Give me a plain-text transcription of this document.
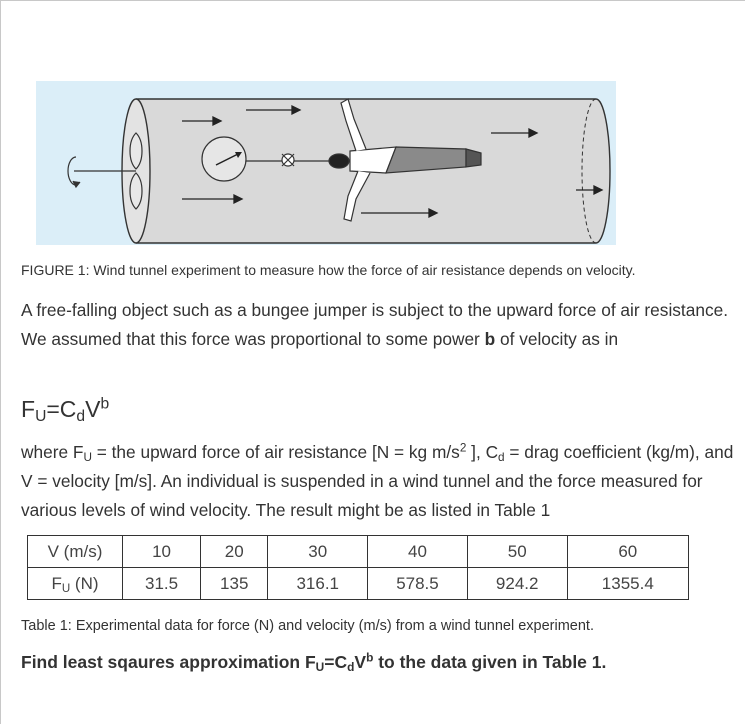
FIGURE 1: Wind tunnel experiment to measure how the force of air resistance depends on velocity.
A free-falling object such as a bungee jumper is subject to the upward force of air resistance. We assumed that this force was proportional to some power b of velocity as in
$F_U=C_dV^b$
where $F_U$ = the upward force of air resistance [N = kg $m/s^2$ ], $C_d$ = drag coefficient (kg/m), and V = velocity [m/s]. An individual is suspended in a wind tunnel and the force measured for various levels of wind velocity. The result might be as listed in Table 1
V (m/s)	10	20	30	40	50	60
$F_U$ (N)	31.5	135	316.1	578.5	924.2	1355.4
Table 1: Experimental data for force (N) and velocity (m/s) from a wind tunnel experiment.
Find least sqaures approximation $F_U=C_dV^b$ to the data given in Table 1.
